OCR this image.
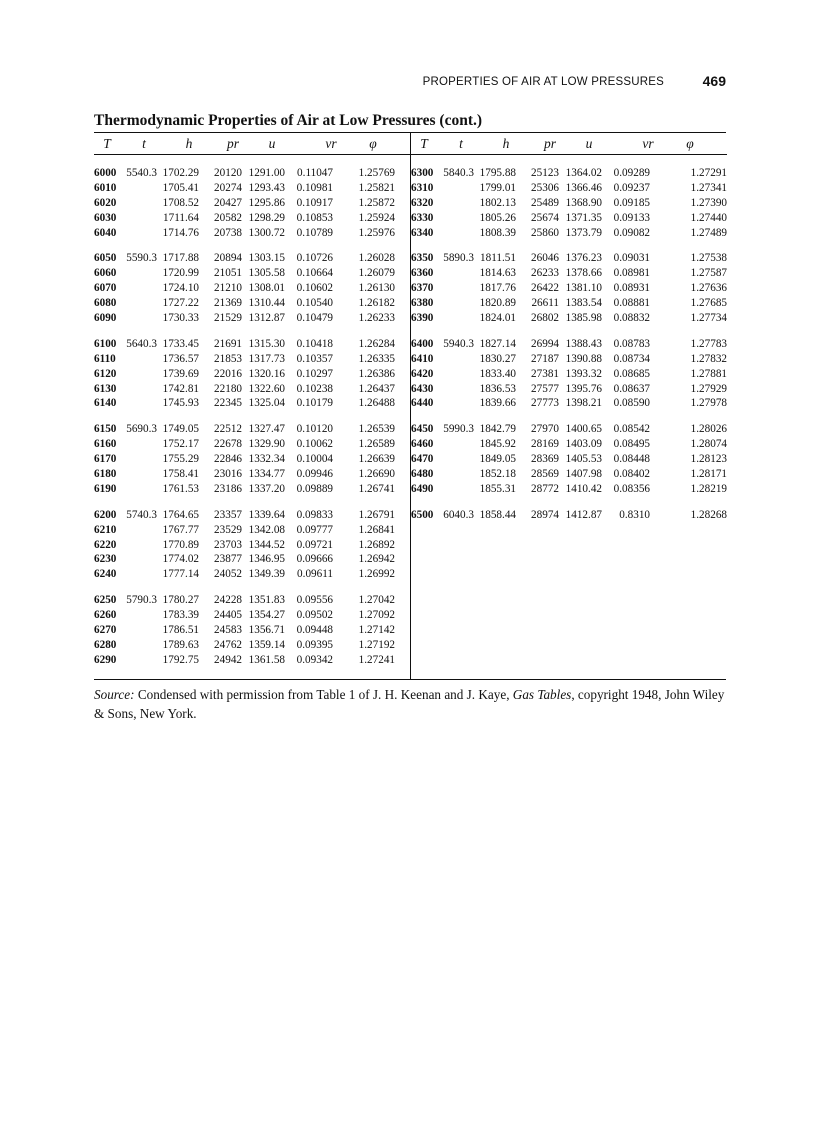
PROPERTIES OF AIR AT LOW PRESSURES	469
Thermodynamic Properties of Air at Low Pressures (cont.)
T	t	h	pr	u	vr	φ
6000 5540.3 1702.29 20120 1291.00 0.11047 1.25769
6010	1705.41 20274 1293.43 0.10981 1.25821
6020	1708.52 20427 1295.86 0.10917 1.25872
6030	1711.64 20582 1298.29 0.10853 1.25924
6040	1714.76 20738 1300.72 0.10789 1.25976
6050 5590.3 1717.88 20894 1303.15 0.10726 1.26028
6060	1720.99 21051 1305.58 0.10664 1.26079
6070	1724.10 21210 1308.01 0.10602 1.26130
6080	1727.22 21369 1310.44 0.10540 1.26182
6090	1730.33 21529 1312.87 0.10479 1.26233
6100 5640.3 1733.45 21691 1315.30 0.10418 1.26284
6110	1736.57 21853 1317.73 0.10357 1.26335
6120	1739.69 22016 1320.16 0.10297 1.26386
6130	1742.81 22180 1322.60 0.10238 1.26437
6140	1745.93 22345 1325.04 0.10179 1.26488
6150 5690.3 1749.05 22512 1327.47 0.10120 1.26539
6160	1752.17 22678 1329.90 0.10062 1.26589
6170	1755.29 22846 1332.34 0.10004 1.26639
6180	1758.41 23016 1334.77 0.09946 1.26690
6190	1761.53 23186 1337.20 0.09889 1.26741
6200 5740.3 1764.65 23357 1339.64 0.09833 1.26791
6210	1767.77 23529 1342.08 0.09777 1.26841
6220	1770.89 23703 1344.52 0.09721 1.26892
6230	1774.02 23877 1346.95 0.09666 1.26942
6240	1777.14 24052 1349.39 0.09611 1.26992
6250 5790.3 1780.27 24228 1351.83 0.09556 1.27042
6260	1783.39 24405 1354.27 0.09502 1.27092
6270	1786.51 24583 1356.71 0.09448 1.27142
6280	1789.63 24762 1359.14 0.09395 1.27192
6290	1792.75 24942 1361.58 0.09342 1.27241
T	t	h	pr	u	vr	φ
6300 5840.3 1795.88 25123 1364.02 0.09289	1.27291
6310	1799.01 25306 1366.46 0.09237	1.27341
6320	1802.13 25489 1368.90 0.09185	1.27390
6330	1805.26 25674 1371.35 0.09133	1.27440
6340	1808.39 25860 1373.79 0.09082	1.27489
6350 5890.3 1811.51 26046 1376.23 0.09031	1.27538
6360	1814.63 26233 1378.66 0.08981	1.27587
6370	1817.76 26422 1381.10 0.08931	1.27636
6380	1820.89 26611 1383.54 0.08881	1.27685
6390	1824.01 26802 1385.98 0.08832	1.27734
6400 5940.3 1827.14 26994 1388.43 0.08783	1.27783
6410	1830.27 27187 1390.88 0.08734	1.27832
6420	1833.40 27381 1393.32 0.08685	1.27881
6430	1836.53 27577 1395.76 0.08637	1.27929
6440	1839.66 27773 1398.21 0.08590	1.27978
6450 5990.3 1842.79 27970 1400.65 0.08542	1.28026
6460	1845.92 28169 1403.09 0.08495	1.28074
6470	1849.05 28369 1405.53 0.08448	1.28123
6480	1852.18 28569 1407.98 0.08402	1.28171
6490	1855.31 28772 1410.42 0.08356	1.28219
6500 6040.3 1858.44 28974 1412.87 0.8310	1.28268
Source: Condensed with permission from Table 1 of J. H. Keenan and J. Kaye, Gas Tables, copyright 1948, John Wiley & Sons, New York.
